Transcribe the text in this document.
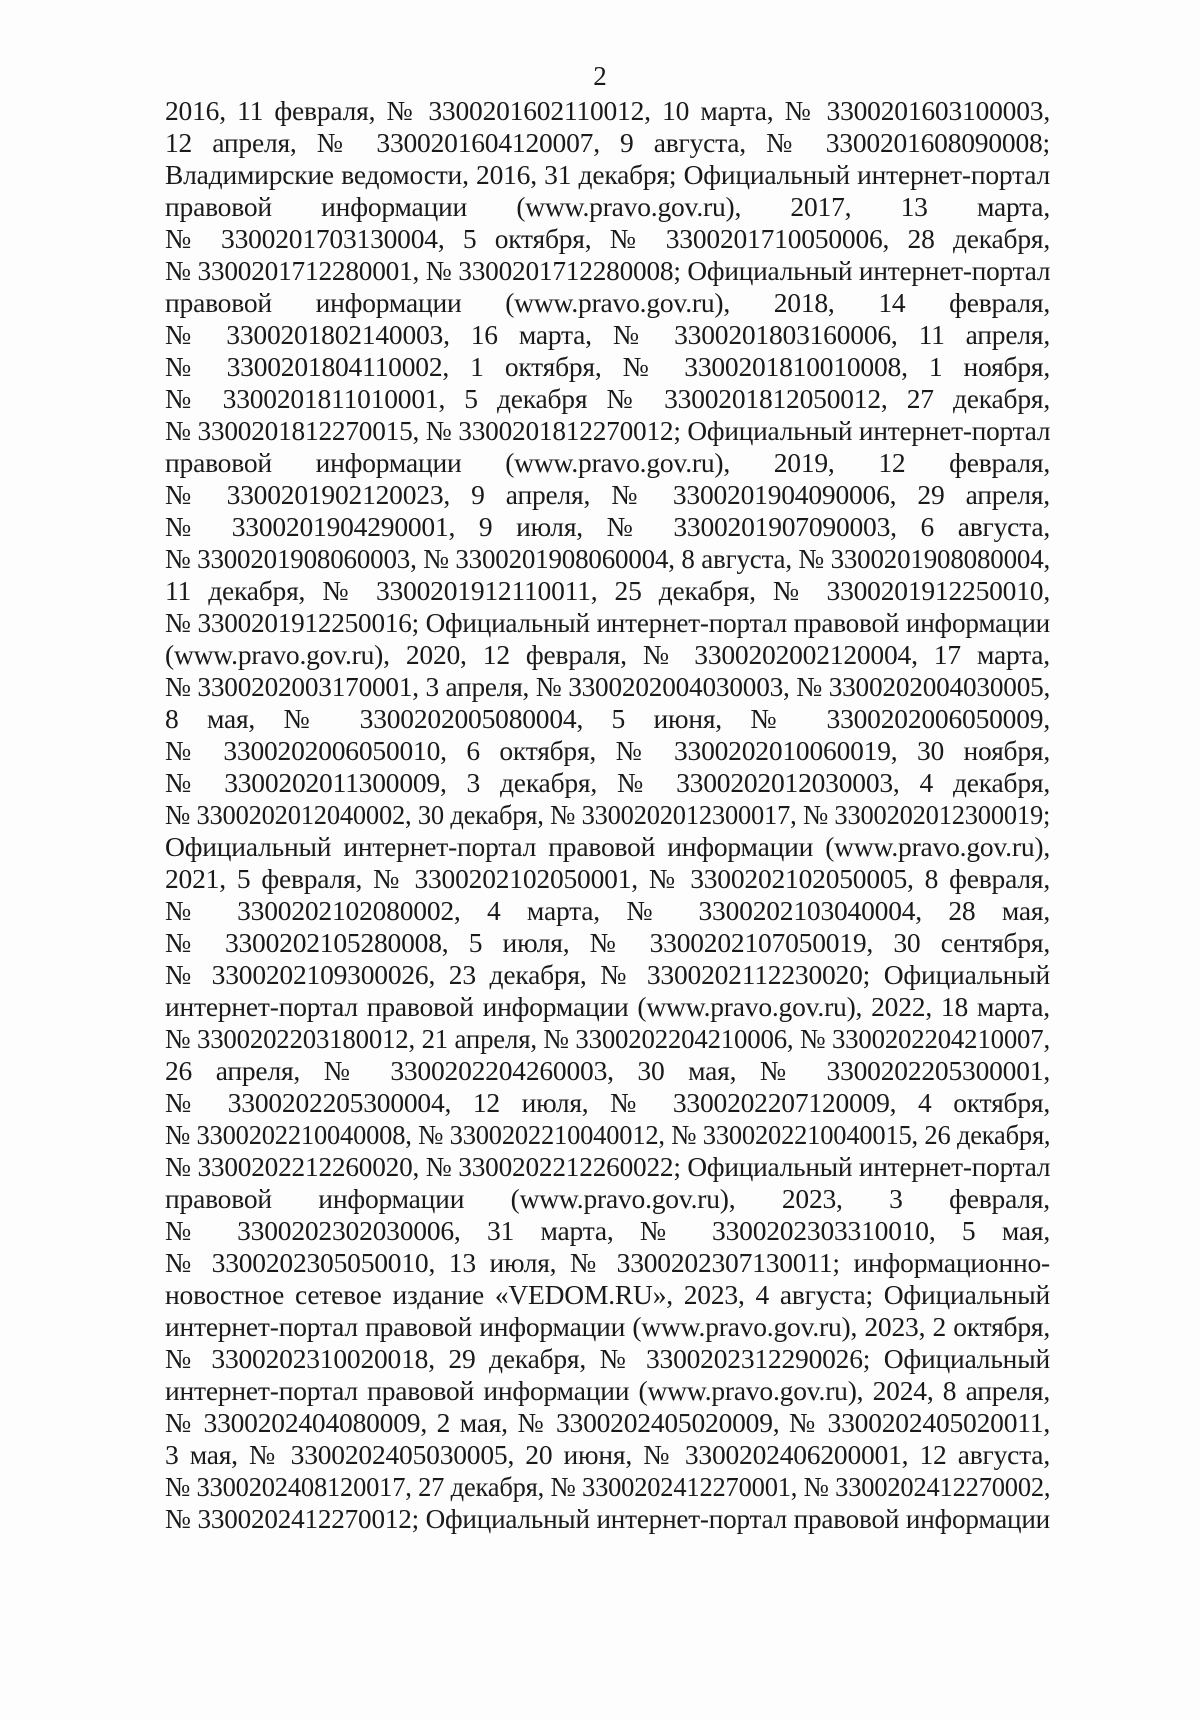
2
2016, 11 февраля, № 3300201602110012, 10 марта, № 3300201603100003,
12 апреля, № 3300201604120007, 9 августа, № 3300201608090008;
Владимирские ведомости, 2016, 31 декабря; Официальный интернет-портал
правовой информации (www.pravo.gov.ru), 2017, 13 марта,
№ 3300201703130004, 5 октября, № 3300201710050006, 28 декабря,
№ 3300201712280001, № 3300201712280008; Официальный интернет-портал
правовой информации (www.pravo.gov.ru), 2018, 14 февраля,
№ 3300201802140003, 16 марта, № 3300201803160006, 11 апреля,
№ 3300201804110002, 1 октября, № 3300201810010008, 1 ноября,
№ 3300201811010001, 5 декабря № 3300201812050012, 27 декабря,
№ 3300201812270015, № 3300201812270012; Официальный интернет-портал
правовой информации (www.pravo.gov.ru), 2019, 12 февраля,
№ 3300201902120023, 9 апреля, № 3300201904090006, 29 апреля,
№ 3300201904290001, 9 июля, № 3300201907090003, 6 августа,
№ 3300201908060003, № 3300201908060004, 8 августа, № 3300201908080004,
11 декабря, № 3300201912110011, 25 декабря, № 3300201912250010,
№ 3300201912250016; Официальный интернет-портал правовой информации
(www.pravo.gov.ru), 2020, 12 февраля, № 3300202002120004, 17 марта,
№ 3300202003170001, 3 апреля, № 3300202004030003, № 3300202004030005,
8 мая, № 3300202005080004, 5 июня, № 3300202006050009,
№ 3300202006050010, 6 октября, № 3300202010060019, 30 ноября,
№ 3300202011300009, 3 декабря, № 3300202012030003, 4 декабря,
№ 3300202012040002, 30 декабря, № 3300202012300017, № 3300202012300019;
Официальный интернет-портал правовой информации (www.pravo.gov.ru),
2021, 5 февраля, № 3300202102050001, № 3300202102050005, 8 февраля,
№ 3300202102080002, 4 марта, № 3300202103040004, 28 мая,
№ 3300202105280008, 5 июля, № 3300202107050019, 30 сентября,
№ 3300202109300026, 23 декабря, № 3300202112230020; Официальный
интернет-портал правовой информации (www.pravo.gov.ru), 2022, 18 марта,
№ 3300202203180012, 21 апреля, № 3300202204210006, № 3300202204210007,
26 апреля, № 3300202204260003, 30 мая, № 3300202205300001,
№ 3300202205300004, 12 июля, № 3300202207120009, 4 октября,
№ 3300202210040008, № 3300202210040012, № 3300202210040015, 26 декабря,
№ 3300202212260020, № 3300202212260022; Официальный интернет-портал
правовой информации (www.pravo.gov.ru), 2023, 3 февраля,
№ 3300202302030006, 31 марта, № 3300202303310010, 5 мая,
№ 3300202305050010, 13 июля, № 3300202307130011; информационно-
новостное сетевое издание «VEDOM.RU», 2023, 4 августа; Официальный
интернет-портал правовой информации (www.pravo.gov.ru), 2023, 2 октября,
№ 3300202310020018, 29 декабря, № 3300202312290026; Официальный
интернет-портал правовой информации (www.pravo.gov.ru), 2024, 8 апреля,
№ 3300202404080009, 2 мая, № 3300202405020009, № 3300202405020011,
3 мая, № 3300202405030005, 20 июня, № 3300202406200001, 12 августа,
№ 3300202408120017, 27 декабря, № 3300202412270001, № 3300202412270002,
№ 3300202412270012; Официальный интернет-портал правовой информации
